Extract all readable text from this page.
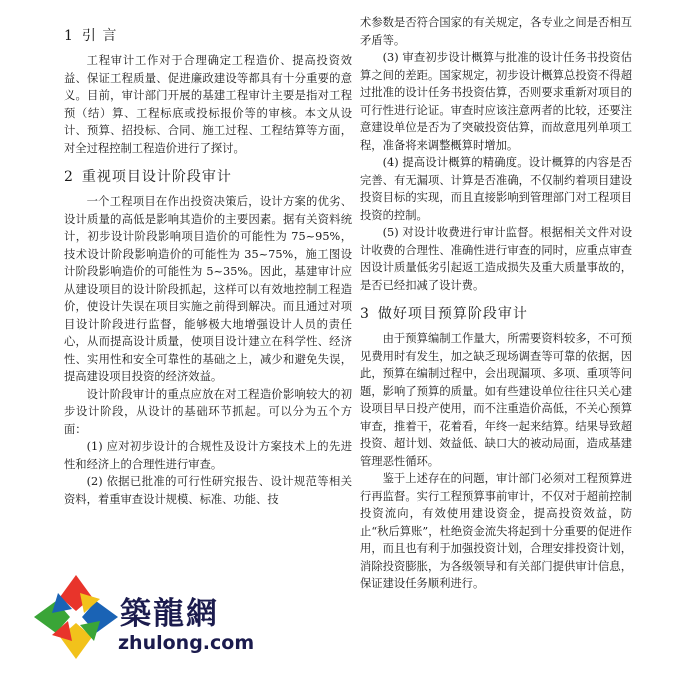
1 引 言

工程审计工作对于合理确定工程造价、提高投资效益、保证工程质量、促进廉政建设等都具有十分重要的意义。目前，审计部门开展的基建工程审计主要是指对工程预（结）算、工程标底或投标报价等的审核。本文从设计、预算、招投标、合同、施工过程、工程结算等方面，对全过程控制工程造价进行了探讨。

2 重视项目设计阶段审计

一个工程项目在作出投资决策后，设计方案的优劣、设计质量的高低是影响其造价的主要因素。据有关资料统计，初步设计阶段影响项目造价的可能性为 75~95%，技术设计阶段影响造价的可能性为 35~75%，施工图设计阶段影响造价的可能性为 5~35%。因此，基建审计应从建设项目的设计阶段抓起，这样可以有效地控制工程造价，使设计失误在项目实施之前得到解决。而且通过对项目设计阶段进行监督，能够极大地增强设计人员的责任心，从而提高设计质量，使项目设计建立在科学性、经济性、实用性和安全可靠性的基础之上，减少和避免失误，提高建设项目投资的经济效益。

设计阶段审计的重点应放在对工程造价影响较大的初步设计阶段，从设计的基础环节抓起。可以分为五个方面：

(1) 应对初步设计的合规性及设计方案技术上的先进性和经济上的合理性进行审查。

(2) 依据已批准的可行性研究报告、设计规范等相关资料，着重审查设计规模、标准、功能、技

术参数是否符合国家的有关规定，各专业之间是否相互矛盾等。

(3) 审查初步设计概算与批准的设计任务书投资估算之间的差距。国家规定，初步设计概算总投资不得超过批准的设计任务书投资估算，否则要求重新对项目的可行性进行论证。审查时应该注意两者的比较，还要注意建设单位是否为了突破投资估算，而故意甩列单项工程，准备将来调整概算时增加。

(4) 提高设计概算的精确度。设计概算的内容是否完善、有无漏项、计算是否准确，不仅制约着项目建设投资目标的实现，而且直接影响到管理部门对工程项目投资的控制。

(5) 对设计收费进行审计监督。根据相关文件对设计收费的合理性、准确性进行审查的同时，应重点审查因设计质量低劣引起返工造成损失及重大质量事故的，是否已经扣减了设计费。

3 做好项目预算阶段审计

由于预算编制工作量大，所需要资料较多，不可预见费用时有发生，加之缺乏现场调查等可靠的依据，因此，预算在编制过程中，会出现漏项、多项、重项等问题，影响了预算的质量。如有些建设单位往往只关心建设项目早日投产使用，而不注重造价高低，不关心预算审查，推着干，花着看，年终一起来结算。结果导致超投资、超计划、效益低、缺口大的被动局面，造成基建管理恶性循环。

鉴于上述存在的问题，审计部门必须对工程预算进行再监督。实行工程预算事前审计，不仅对于超前控制投资流向，有效使用建设资金，提高投资效益，防止“秋后算账”，杜绝资金流失将起到十分重要的促进作用，而且也有利于加强投资计划，合理安排投资计划，消除投资膨胀，为各级领导和有关部门提供审计信息，保证建设任务顺利进行。

築龍網
zhulong.com
